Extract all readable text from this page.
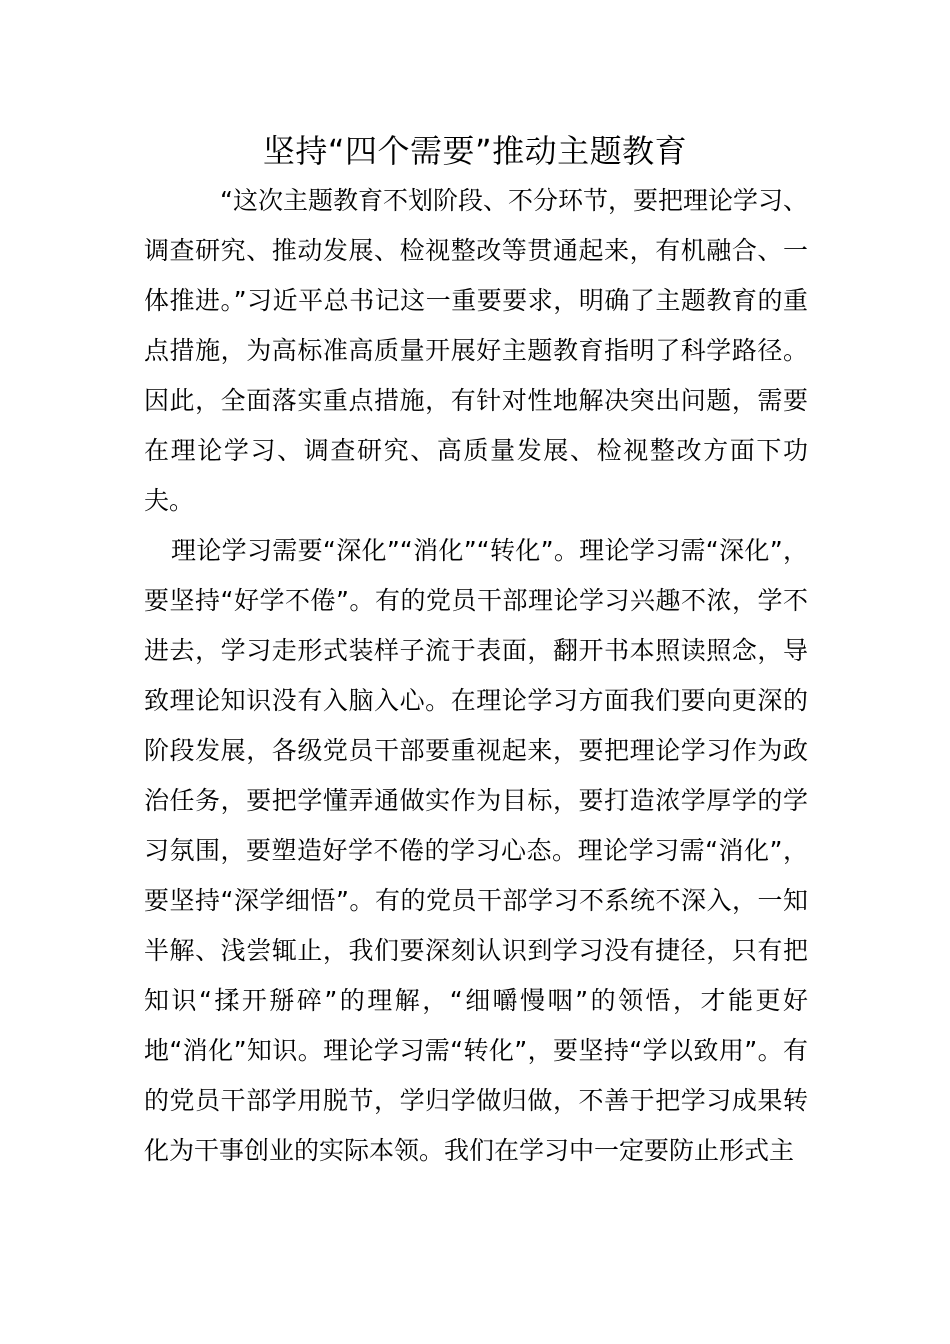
坚持“四个需要”推动主题教育

“这次主题教育不划阶段、不分环节，要把理论学习、调查研究、推动发展、检视整改等贯通起来，有机融合、一体推进。”习近平总书记这一重要要求，明确了主题教育的重点措施，为高标准高质量开展好主题教育指明了科学路径。因此，全面落实重点措施，有针对性地解决突出问题，需要在理论学习、调查研究、高质量发展、检视整改方面下功夫。

理论学习需要“深化”“消化”“转化”。理论学习需“深化”，要坚持“好学不倦”。有的党员干部理论学习兴趣不浓，学不进去，学习走形式装样子流于表面，翻开书本照读照念，导致理论知识没有入脑入心。在理论学习方面我们要向更深的阶段发展，各级党员干部要重视起来，要把理论学习作为政治任务，要把学懂弄通做实作为目标，要打造浓学厚学的学习氛围，要塑造好学不倦的学习心态。理论学习需“消化”，要坚持“深学细悟”。有的党员干部学习不系统不深入，一知半解、浅尝辄止，我们要深刻认识到学习没有捷径，只有把知识“揉开掰碎”的理解，“细嚼慢咽”的领悟，才能更好地“消化”知识。理论学习需“转化”，要坚持“学以致用”。有的党员干部学用脱节，学归学做归做，不善于把学习成果转化为干事创业的实际本领。我们在学习中一定要防止形式主
